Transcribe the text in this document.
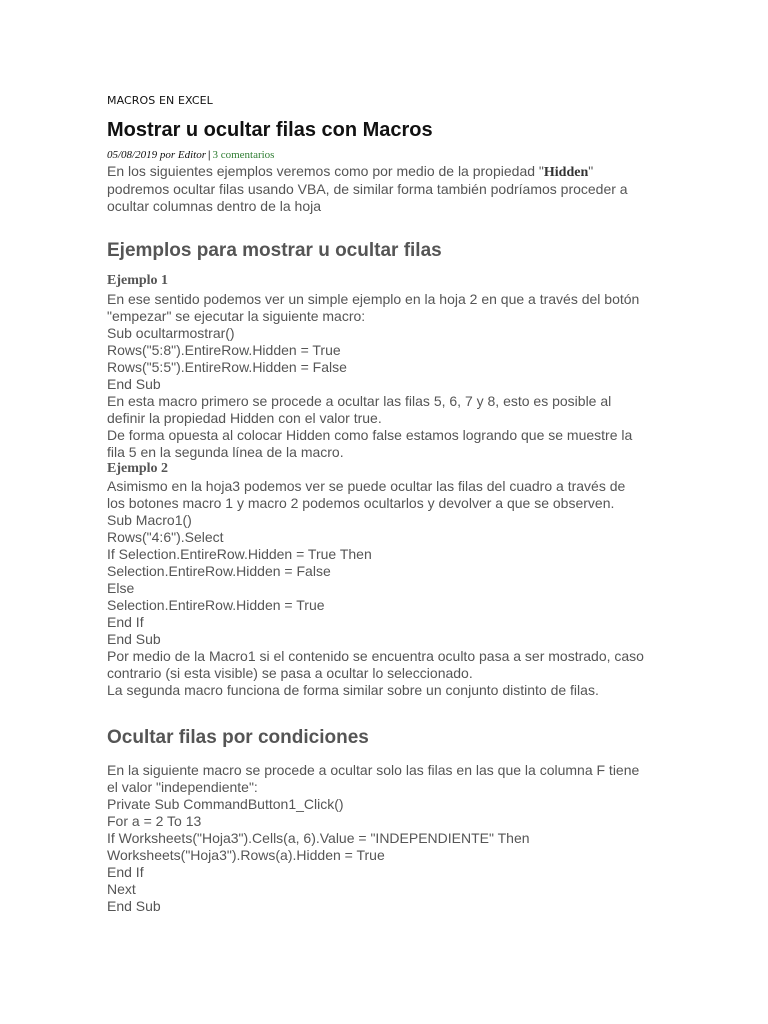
MACROS EN EXCEL

Mostrar u ocultar filas con Macros

05/08/2019 por Editor | 3 comentarios

En los siguientes ejemplos veremos como por medio de la propiedad "Hidden"
podremos ocultar filas usando VBA, de similar forma también podríamos proceder a
ocultar columnas dentro de la hoja
Ejemplos para mostrar u ocultar filas
Ejemplo 1
En ese sentido podemos ver un simple ejemplo en la hoja 2 en que a través del botón
"empezar" se ejecutar la siguiente macro:
Sub ocultarmostrar()
Rows("5:8").EntireRow.Hidden = True
Rows("5:5").EntireRow.Hidden = False
End Sub
En esta macro primero se procede a ocultar las filas 5, 6, 7 y 8, esto es posible al
definir la propiedad Hidden con el valor true.
De forma opuesta al colocar Hidden como false estamos logrando que se muestre la
fila 5 en la segunda línea de la macro.
Ejemplo 2
Asimismo en la hoja3 podemos ver se puede ocultar las filas del cuadro a través de
los botones macro 1 y macro 2 podemos ocultarlos y devolver a que se observen.
Sub Macro1()
Rows("4:6").Select
If Selection.EntireRow.Hidden = True Then
Selection.EntireRow.Hidden = False
Else
Selection.EntireRow.Hidden = True
End If
End Sub
Por medio de la Macro1 si el contenido se encuentra oculto pasa a ser mostrado, caso
contrario (si esta visible) se pasa a ocultar lo seleccionado.
La segunda macro funciona de forma similar sobre un conjunto distinto de filas.
Ocultar filas por condiciones
En la siguiente macro se procede a ocultar solo las filas en las que la columna F tiene
el valor "independiente":
Private Sub CommandButton1_Click()
For a = 2 To 13
If Worksheets("Hoja3").Cells(a, 6).Value = "INDEPENDIENTE" Then
Worksheets("Hoja3").Rows(a).Hidden = True
End If
Next
End Sub
